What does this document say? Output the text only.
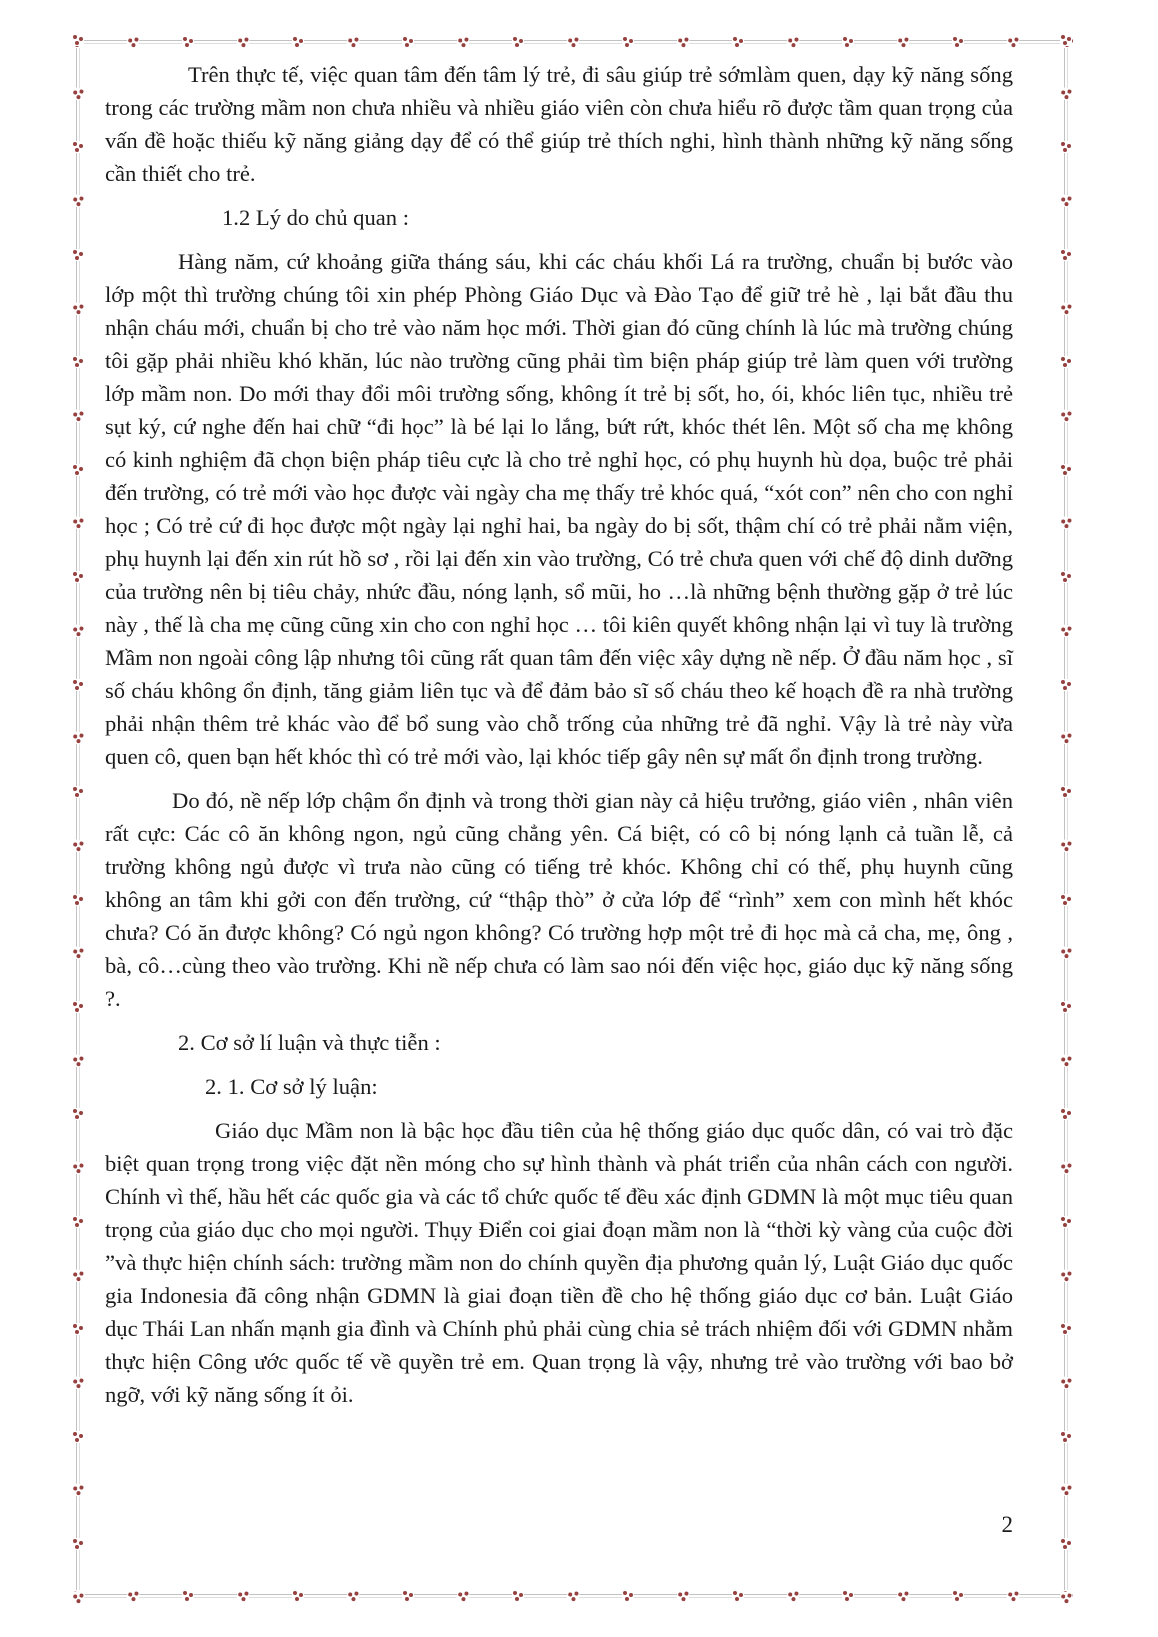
Trên thực tế, việc quan tâm đến tâm lý trẻ, đi sâu giúp trẻ sớmlàm quen, dạy kỹ năng sống trong các trường mầm non chưa nhiều và nhiều giáo viên còn chưa hiểu rõ được tầm quan trọng của vấn đề hoặc thiếu kỹ năng giảng dạy để có thể giúp trẻ thích nghi, hình thành những kỹ năng sống cần thiết cho trẻ.

1.2 Lý do chủ quan :

Hàng năm, cứ khoảng giữa tháng sáu, khi các cháu khối Lá ra trường, chuẩn bị bước vào lớp một thì trường chúng tôi xin phép Phòng Giáo Dục và Đào Tạo để giữ trẻ hè , lại bắt đầu thu nhận cháu mới, chuẩn bị cho trẻ vào năm học mới. Thời gian đó cũng chính là lúc mà trường chúng tôi gặp phải nhiều khó khăn, lúc nào trường cũng phải tìm biện pháp giúp trẻ làm quen với trường lớp mầm non. Do mới thay đổi môi trường sống, không ít trẻ bị sốt, ho, ói, khóc liên tục, nhiều trẻ sụt ký, cứ nghe đến hai chữ “đi học” là bé lại lo lắng, bứt rứt, khóc thét lên. Một số cha mẹ không có kinh nghiệm đã chọn biện pháp tiêu cực là cho trẻ nghỉ học, có phụ huynh hù dọa, buộc trẻ phải đến trường, có trẻ mới vào học được vài ngày cha mẹ thấy trẻ khóc quá, “xót con” nên cho con nghỉ học ; Có trẻ cứ đi học được một ngày lại nghỉ hai, ba ngày do bị sốt, thậm chí có trẻ phải nằm viện, phụ huynh lại đến xin rút hồ sơ , rồi lại đến xin vào trường, Có trẻ chưa quen với chế độ dinh dưỡng của trường nên bị tiêu chảy, nhức đầu, nóng lạnh, sổ mũi, ho …là những bệnh thường gặp ở trẻ lúc này , thế là cha mẹ cũng cũng xin cho con nghỉ học … tôi kiên quyết không nhận lại vì tuy là trường Mầm non ngoài công lập nhưng tôi cũng rất quan tâm đến việc xây dựng nề nếp. Ở đầu năm học , sĩ số cháu không ổn định, tăng giảm liên tục và để đảm bảo sĩ số cháu theo kế hoạch đề ra nhà trường phải nhận thêm trẻ khác vào để bổ sung vào chỗ trống của những trẻ đã nghỉ. Vậy là trẻ này vừa quen cô, quen bạn hết khóc thì có trẻ mới vào, lại khóc tiếp gây nên sự mất ổn định trong trường.

Do đó, nề nếp lớp chậm ổn định và trong thời gian này cả hiệu trưởng, giáo viên , nhân viên rất cực: Các cô ăn không ngon, ngủ cũng chẳng yên. Cá biệt, có cô bị nóng lạnh cả tuần lễ, cả trường không ngủ được vì trưa nào cũng có tiếng trẻ khóc. Không chỉ có thế, phụ huynh cũng không an tâm khi gởi con đến trường, cứ “thập thò” ở cửa lớp để “rình” xem con mình hết khóc chưa? Có ăn được không? Có ngủ ngon không? Có trường hợp một trẻ đi học mà cả cha, mẹ, ông , bà, cô…cùng theo vào trường. Khi nề nếp chưa có làm sao nói đến việc học, giáo dục kỹ năng sống ?.

2. Cơ sở lí luận và thực tiễn :

2. 1. Cơ sở lý luận:

Giáo dục Mầm non là bậc học đầu tiên của hệ thống giáo dục quốc dân, có vai trò đặc biệt quan trọng trong việc đặt nền móng cho sự hình thành và phát triển của nhân cách con người. Chính vì thế, hầu hết các quốc gia và các tổ chức quốc tế đều xác định GDMN là một mục tiêu quan trọng của giáo dục cho mọi người. Thụy Điển coi giai đoạn mầm non là “thời kỳ vàng của cuộc đời ”và thực hiện chính sách: trường mầm non do chính quyền địa phương quản lý, Luật Giáo dục quốc gia Indonesia đã công nhận GDMN là giai đoạn tiền đề cho hệ thống giáo dục cơ bản. Luật Giáo dục Thái Lan nhấn mạnh gia đình và Chính phủ phải cùng chia sẻ trách nhiệm đối với GDMN nhằm thực hiện Công ước quốc tế về quyền trẻ em. Quan trọng là vậy, nhưng trẻ vào trường với bao bở ngỡ, với kỹ năng sống ít ỏi.

2
